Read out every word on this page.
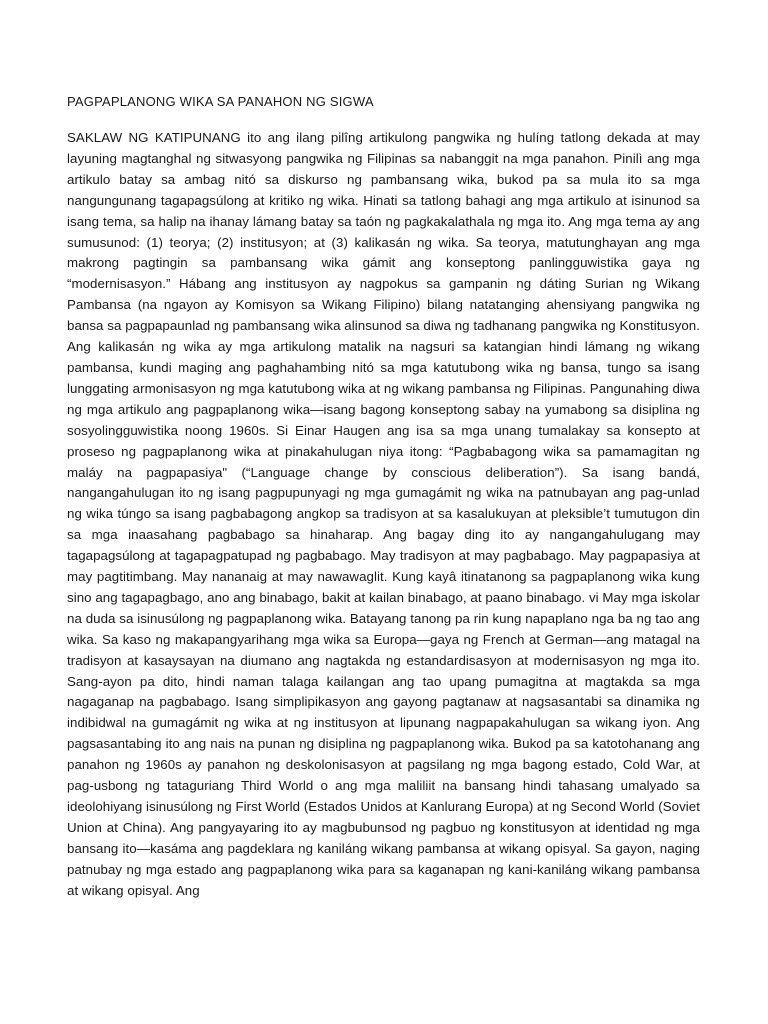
PAGPAPLANONG WIKA SA PANAHON NG SIGWA

SAKLAW NG KATIPUNANG ito ang ilang pilîng artikulong pangwika ng hulíng tatlong dekada at may layuning magtanghal ng sitwasyong pangwika ng Filipinas sa nabanggit na mga panahon. Pinilì ang mga artikulo batay sa ambag nitó sa diskurso ng pambansang wika, bukod pa sa mula ito sa mga nangungunang tagapagsúlong at kritiko ng wika. Hinati sa tatlong bahagi ang mga artikulo at isinunod sa isang tema, sa halip na ihanay lámang batay sa taón ng pagkakalathala ng mga ito. Ang mga tema ay ang sumusunod: (1) teorya; (2) institusyon; at (3) kalikasán ng wika. Sa teorya, matutunghayan ang mga makrong pagtingin sa pambansang wika gámit ang konseptong panlingguwistika gaya ng “modernisasyon.” Hábang ang institusyon ay nagpokus sa gampanin ng dáting Surian ng Wikang Pambansa (na ngayon ay Komisyon sa Wikang Filipino) bilang natatanging ahensiyang pangwika ng bansa sa pagpapaunlad ng pambansang wika alinsunod sa diwa ng tadhanang pangwika ng Konstitusyon. Ang kalikasán ng wika ay mga artikulong matalik na nagsuri sa katangian hindi lámang ng wikang pambansa, kundi maging ang paghahambing nitó sa mga katutubong wika ng bansa, tungo sa isang lunggating armonisasyon ng mga katutubong wika at ng wikang pambansa ng Filipinas. Pangunahing diwa ng mga artikulo ang pagpaplanong wika—isang bagong konseptong sabay na yumabong sa disiplina ng sosyolingguwistika noong 1960s. Si Einar Haugen ang isa sa mga unang tumalakay sa konsepto at proseso ng pagpaplanong wika at pinakahulugan niya itong: “Pagbabagong wika sa pamamagitan ng maláy na pagpapasiya" (“Language change by conscious deliberation”). Sa isang bandá, nangangahulugan ito ng isang pagpupunyagi ng mga gumagámit ng wika na patnubayan ang pag-unlad ng wika túngo sa isang pagbabagong angkop sa tradisyon at sa kasalukuyan at pleksible’t tumutugon din sa mga inaasahang pagbabago sa hinaharap. Ang bagay ding ito ay nangangahulugang may tagapagsúlong at tagapagpatupad ng pagbabago. May tradisyon at may pagbabago. May pagpapasiya at may pagtitimbang. May nananaig at may nawawaglit. Kung kayâ itinatanong sa pagpaplanong wika kung sino ang tagapagbago, ano ang binabago, bakit at kailan binabago, at paano binabago. vi May mga iskolar na duda sa isinusúlong ng pagpaplanong wika. Batayang tanong pa rin kung napaplano nga ba ng tao ang wika. Sa kaso ng makapangyarihang mga wika sa Europa—gaya ng French at German—ang matagal na tradisyon at kasaysayan na diumano ang nagtakda ng estandardisasyon at modernisasyon ng mga ito. Sang-ayon pa dito, hindi naman talaga kailangan ang tao upang pumagitna at magtakda sa mga nagaganap na pagbabago. Isang simplipikasyon ang gayong pagtanaw at nagsasantabi sa dinamika ng indibidwal na gumagámit ng wika at ng institusyon at lipunang nagpapakahulugan sa wikang iyon. Ang pagsasantabing ito ang nais na punan ng disiplina ng pagpaplanong wika. Bukod pa sa katotohanang ang panahon ng 1960s ay panahon ng deskolonisasyon at pagsilang ng mga bagong estado, Cold War, at pag-usbong ng tataguriang Third World o ang mga maliliit na bansang hindi tahasang umalyado sa ideolohiyang isinusúlong ng First World (Estados Unidos at Kanlurang Europa) at ng Second World (Soviet Union at China). Ang pangyayaring ito ay magbubunsod ng pagbuo ng konstitusyon at identidad ng mga bansang ito—kasáma ang pagdeklara ng kaniláng wikang pambansa at wikang opisyal. Sa gayon, naging patnubay ng mga estado ang pagpaplanong wika para sa kaganapan ng kani-kaniláng wikang pambansa at wikang opisyal. Ang
